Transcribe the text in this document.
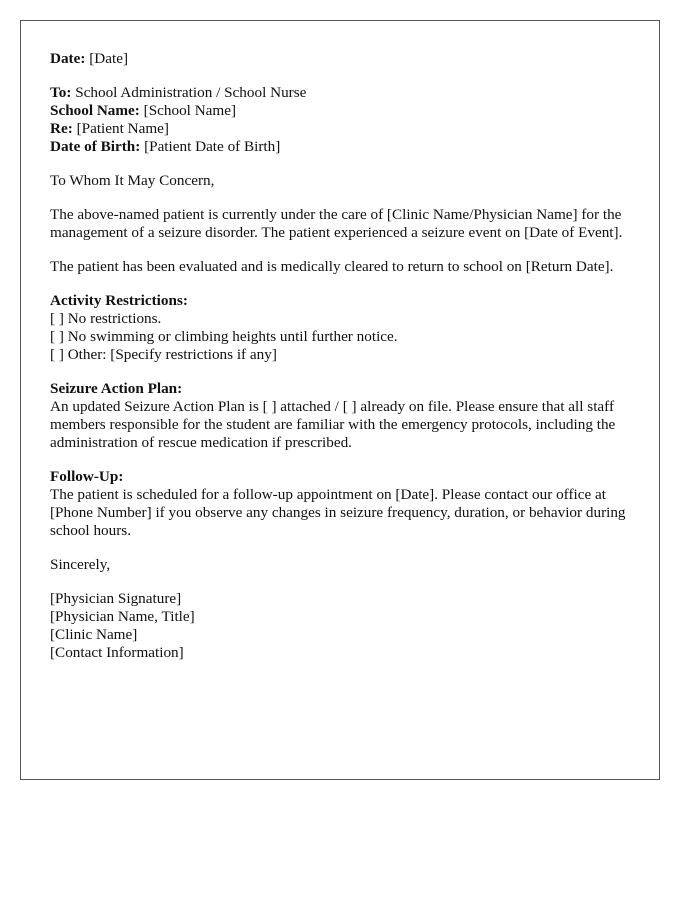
Date: [Date]
To: School Administration / School Nurse
School Name: [School Name]
Re: [Patient Name]
Date of Birth: [Patient Date of Birth]
To Whom It May Concern,
The above-named patient is currently under the care of [Clinic Name/Physician Name] for the management of a seizure disorder. The patient experienced a seizure event on [Date of Event].
The patient has been evaluated and is medically cleared to return to school on [Return Date].
Activity Restrictions:
[ ] No restrictions.
[ ] No swimming or climbing heights until further notice.
[ ] Other: [Specify restrictions if any]
Seizure Action Plan:
An updated Seizure Action Plan is [ ] attached / [ ] already on file. Please ensure that all staff members responsible for the student are familiar with the emergency protocols, including the administration of rescue medication if prescribed.
Follow-Up:
The patient is scheduled for a follow-up appointment on [Date]. Please contact our office at [Phone Number] if you observe any changes in seizure frequency, duration, or behavior during school hours.
Sincerely,
[Physician Signature]
[Physician Name, Title]
[Clinic Name]
[Contact Information]
